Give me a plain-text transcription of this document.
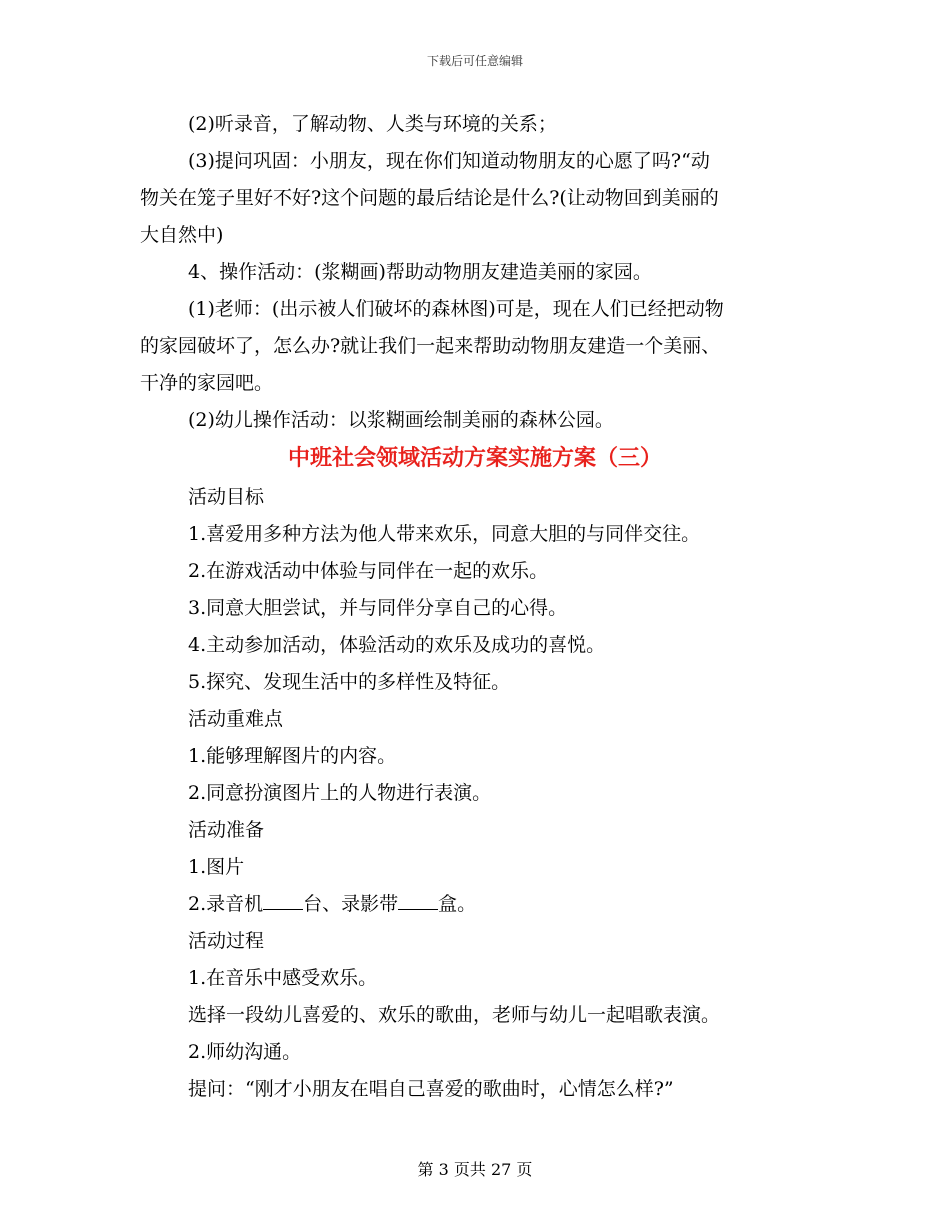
下载后可任意编辑
(2)听录音，了解动物、人类与环境的关系；
(3)提问巩固：小朋友，现在你们知道动物朋友的心愿了吗?“动
物关在笼子里好不好?这个问题的最后结论是什么?(让动物回到美丽的
大自然中)
4、操作活动：(浆糊画)帮助动物朋友建造美丽的家园。
(1)老师：(出示被人们破坏的森林图)可是，现在人们已经把动物
的家园破坏了，怎么办?就让我们一起来帮助动物朋友建造一个美丽、
干净的家园吧。
(2)幼儿操作活动：以浆糊画绘制美丽的森林公园。
中班社会领域活动方案实施方案（三）
活动目标
1.喜爱用多种方法为他人带来欢乐，同意大胆的与同伴交往。
2.在游戏活动中体验与同伴在一起的欢乐。
3.同意大胆尝试，并与同伴分享自己的心得。
4.主动参加活动，体验活动的欢乐及成功的喜悦。
5.探究、发现生活中的多样性及特征。
活动重难点
1.能够理解图片的内容。
2.同意扮演图片上的人物进行表演。
活动准备
1.图片
2.录音机 台、录影带 盒。
活动过程
1.在音乐中感受欢乐。
选择一段幼儿喜爱的、欢乐的歌曲，老师与幼儿一起唱歌表演。
2.师幼沟通。
提问：“刚才小朋友在唱自己喜爱的歌曲时，心情怎么样?”
第 3 页共 27 页
